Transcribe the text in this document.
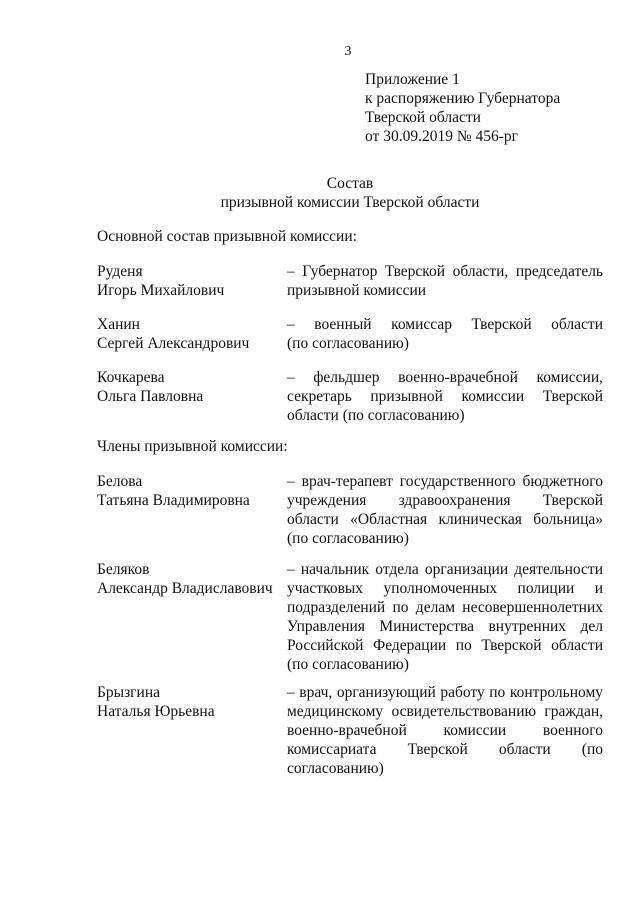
3
Приложение 1
к распоряжению Губернатора
Тверской области
от 30.09.2019 № 456-рг
Состав
призывной комиссии Тверской области
Основной состав призывной комиссии:
Руденя
Игорь Михайлович
– Губернатор Тверской области, председатель
призывной комиссии
Ханин
Сергей Александрович
– военный комиссар Тверской области
(по согласованию)
Кочкарева
Ольга Павловна
– фельдшер военно-врачебной комиссии,
секретарь призывной комиссии Тверской
области (по согласованию)
Члены призывной комиссии:
Белова
Татьяна Владимировна
– врач-терапевт государственного бюджетного
учреждения здравоохранения Тверской
области «Областная клиническая больница»
(по согласованию)
Беляков
Александр Владиславович
– начальник отдела организации деятельности
участковых уполномоченных полиции и
подразделений по делам несовершеннолетних
Управления Министерства внутренних дел
Российской Федерации по Тверской области
(по согласованию)
Брызгина
Наталья Юрьевна
– врач, организующий работу по контрольному
медицинскому освидетельствованию граждан,
военно-врачебной комиссии военного
комиссариата Тверской области (по
согласованию)
